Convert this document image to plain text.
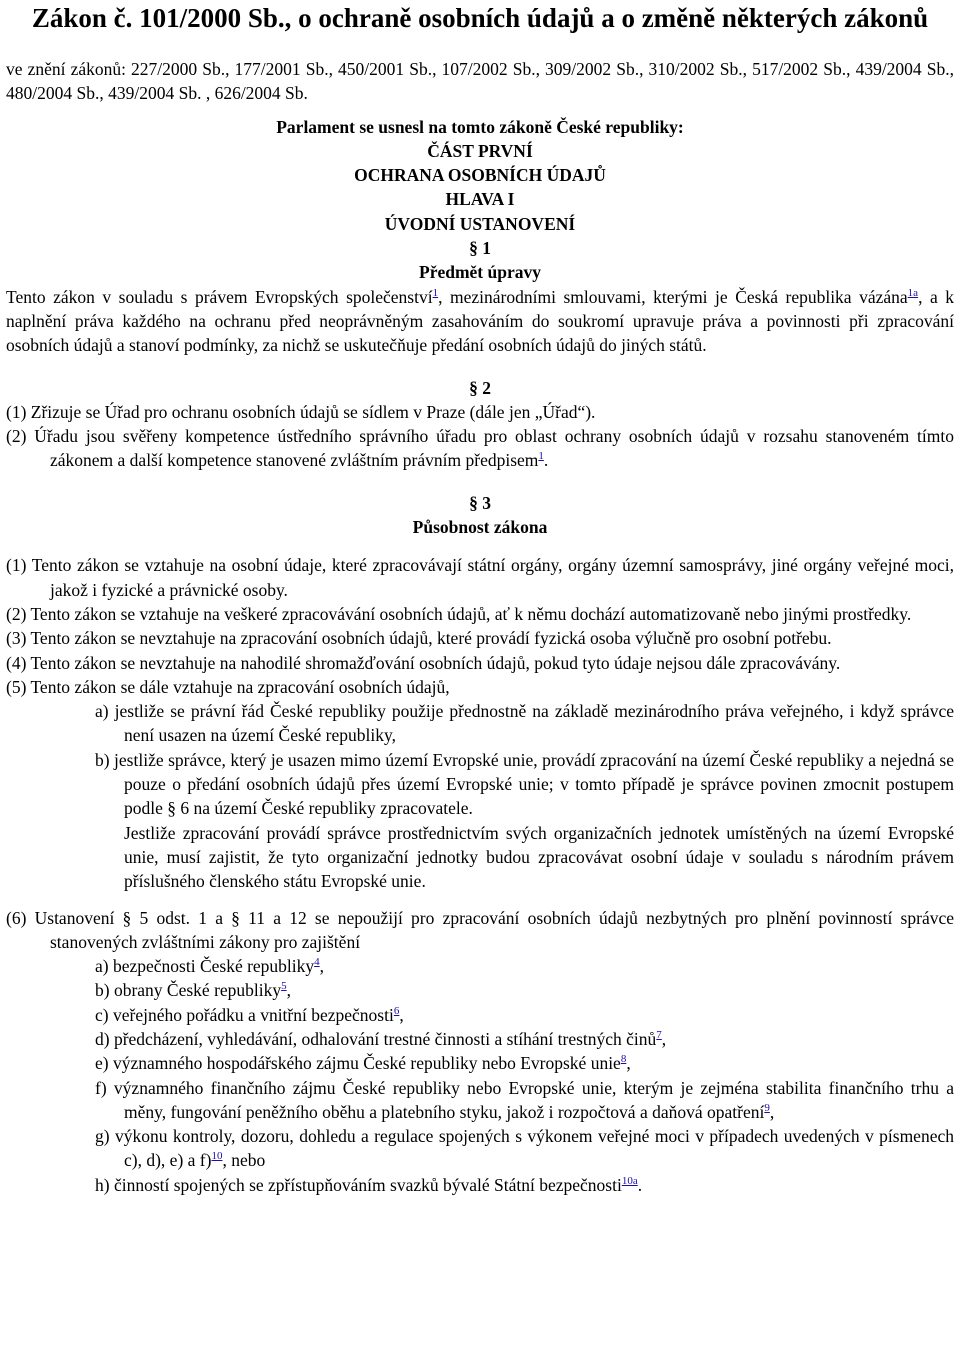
Zákon č. 101/2000 Sb., o ochraně osobních údajů a o změně některých zákonů

ve znění zákonů: 227/2000 Sb., 177/2001 Sb., 450/2001 Sb., 107/2002 Sb., 309/2002 Sb., 310/2002 Sb., 517/2002 Sb., 439/2004 Sb., 480/2004 Sb., 439/2004 Sb. , 626/2004 Sb.

Parlament se usnesl na tomto zákoně České republiky:

ČÁST PRVNÍ

OCHRANA OSOBNÍCH ÚDAJŮ

HLAVA I

ÚVODNÍ USTANOVENÍ

§ 1

Předmět úpravy

Tento zákon v souladu s právem Evropských společenství$^1$, mezinárodními smlouvami, kterými je Česká republika vázána$^{1a}$, a k naplnění práva každého na ochranu před neoprávněným zasahováním do soukromí upravuje práva a povinnosti při zpracování osobních údajů a stanoví podmínky, za nichž se uskutečňuje předání osobních údajů do jiných států.

§ 2

(1) Zřizuje se Úřad pro ochranu osobních údajů se sídlem v Praze (dále jen „Úřad“).

(2) Úřadu jsou svěřeny kompetence ústředního správního úřadu pro oblast ochrany osobních údajů v rozsahu stanoveném tímto zákonem a další kompetence stanovené zvláštním právním předpisem$^1$.

§ 3

Působnost zákona

(1) Tento zákon se vztahuje na osobní údaje, které zpracovávají státní orgány, orgány územní samosprávy, jiné orgány veřejné moci, jakož i fyzické a právnické osoby.

(2) Tento zákon se vztahuje na veškeré zpracovávání osobních údajů, ať k němu dochází automatizovaně nebo jinými prostředky.

(3) Tento zákon se nevztahuje na zpracování osobních údajů, které provádí fyzická osoba výlučně pro osobní potřebu.

(4) Tento zákon se nevztahuje na nahodilé shromažďování osobních údajů, pokud tyto údaje nejsou dále zpracovávány.

(5) Tento zákon se dále vztahuje na zpracování osobních údajů,

a) jestliže se právní řád České republiky použije přednostně na základě mezinárodního práva veřejného, i když správce není usazen na území České republiky,

b) jestliže správce, který je usazen mimo území Evropské unie, provádí zpracování na území České republiky a nejedná se pouze o předání osobních údajů přes území Evropské unie; v tomto případě je správce povinen zmocnit postupem podle § 6 na území České republiky zpracovatele.

Jestliže zpracování provádí správce prostřednictvím svých organizačních jednotek umístěných na území Evropské unie, musí zajistit, že tyto organizační jednotky budou zpracovávat osobní údaje v souladu s národním právem příslušného členského státu Evropské unie.

(6) Ustanovení § 5 odst. 1 a § 11 a 12 se nepoužijí pro zpracování osobních údajů nezbytných pro plnění povinností správce stanovených zvláštními zákony pro zajištění

a) bezpečnosti České republiky$^4$,

b) obrany České republiky$^5$,

c) veřejného pořádku a vnitřní bezpečnosti$^6$,

d) předcházení, vyhledávání, odhalování trestné činnosti a stíhání trestných činů$^7$,

e) významného hospodářského zájmu České republiky nebo Evropské unie$^8$,

f) významného finančního zájmu České republiky nebo Evropské unie, kterým je zejména stabilita finančního trhu a měny, fungování peněžního oběhu a platebního styku, jakož i rozpočtová a daňová opatření$^9$,

g) výkonu kontroly, dozoru, dohledu a regulace spojených s výkonem veřejné moci v případech uvedených v písmenech c), d), e) a f)$^{10}$, nebo

h) činností spojených se zpřístupňováním svazků bývalé Státní bezpečnosti$^{10a}$.
